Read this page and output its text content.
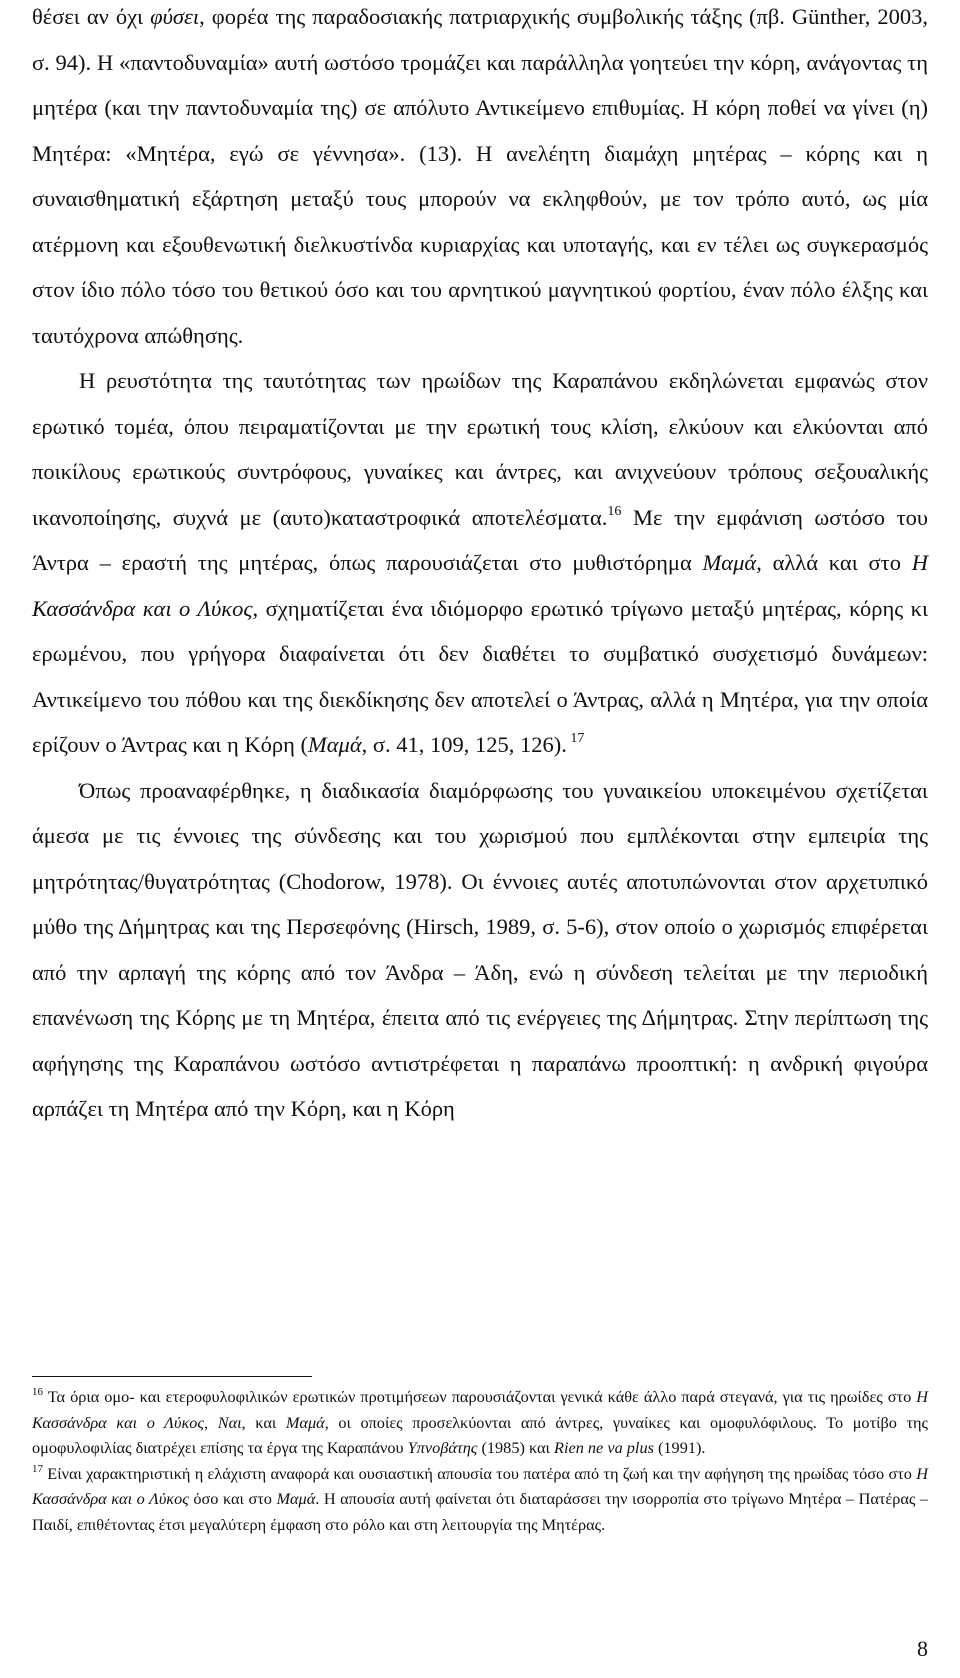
θέσει αν όχι φύσει, φορέα της παραδοσιακής πατριαρχικής συμβολικής τάξης (πβ. Günther, 2003, σ. 94). Η «παντοδυναμία» αυτή ωστόσο τρομάζει και παράλληλα γοητεύει την κόρη, ανάγοντας τη μητέρα (και την παντοδυναμία της) σε απόλυτο Αντικείμενο επιθυμίας. Η κόρη ποθεί να γίνει (η) Μητέρα: «Μητέρα, εγώ σε γέννησα». (13). Η ανελέητη διαμάχη μητέρας – κόρης και η συναισθηματική εξάρτηση μεταξύ τους μπορούν να εκληφθούν, με τον τρόπο αυτό, ως μία ατέρμονη και εξουθενωτική διελκυστίνδα κυριαρχίας και υποταγής, και εν τέλει ως συγκερασμός στον ίδιο πόλο τόσο του θετικού όσο και του αρνητικού μαγνητικού φορτίου, έναν πόλο έλξης και ταυτόχρονα απώθησης.

Η ρευστότητα της ταυτότητας των ηρωίδων της Καραπάνου εκδηλώνεται εμφανώς στον ερωτικό τομέα, όπου πειραματίζονται με την ερωτική τους κλίση, ελκύουν και ελκύονται από ποικίλους ερωτικούς συντρόφους, γυναίκες και άντρες, και ανιχνεύουν τρόπους σεξουαλικής ικανοποίησης, συχνά με (αυτο)καταστροφικά αποτελέσματα.$^{16}$ Με την εμφάνιση ωστόσο του Άντρα – εραστή της μητέρας, όπως παρουσιάζεται στο μυθιστόρημα Μαμά, αλλά και στο Η Κασσάνδρα και ο Λύκος, σχηματίζεται ένα ιδιόμορφο ερωτικό τρίγωνο μεταξύ μητέρας, κόρης κι ερωμένου, που γρήγορα διαφαίνεται ότι δεν διαθέτει το συμβατικό συσχετισμό δυνάμεων: Αντικείμενο του πόθου και της διεκδίκησης δεν αποτελεί ο Άντρας, αλλά η Μητέρα, για την οποία ερίζουν ο Άντρας και η Κόρη (Μαμά, σ. 41, 109, 125, 126). $^{17}$

Όπως προαναφέρθηκε, η διαδικασία διαμόρφωσης του γυναικείου υποκειμένου σχετίζεται άμεσα με τις έννοιες της σύνδεσης και του χωρισμού που εμπλέκονται στην εμπειρία της μητρότητας/θυγατρότητας (Chodorow, 1978). Οι έννοιες αυτές αποτυπώνονται στον αρχετυπικό μύθο της Δήμητρας και της Περσεφόνης (Hirsch, 1989, σ. 5-6), στον οποίο ο χωρισμός επιφέρεται από την αρπαγή της κόρης από τον Άνδρα – Άδη, ενώ η σύνδεση τελείται με την περιοδική επανένωση της Κόρης με τη Μητέρα, έπειτα από τις ενέργειες της Δήμητρας. Στην περίπτωση της αφήγησης της Καραπάνου ωστόσο αντιστρέφεται η παραπάνω προοπτική: η ανδρική φιγούρα αρπάζει τη Μητέρα από την Κόρη, και η Κόρη

$^{16}$ Τα όρια ομο- και ετεροφυλοφιλικών ερωτικών προτιμήσεων παρουσιάζονται γενικά κάθε άλλο παρά στεγανά, για τις ηρωίδες στο Η Κασσάνδρα και ο Λύκος, Ναι, και Μαμά, οι οποίες προσελκύονται από άντρες, γυναίκες και ομοφυλόφιλους. Το μοτίβο της ομοφυλοφιλίας διατρέχει επίσης τα έργα της Καραπάνου Υπνοβάτης (1985) και Rien ne va plus (1991).

$^{17}$ Είναι χαρακτηριστική η ελάχιστη αναφορά και ουσιαστική απουσία του πατέρα από τη ζωή και την αφήγηση της ηρωίδας τόσο στο Η Κασσάνδρα και ο Λύκος όσο και στο Μαμά. Η απουσία αυτή φαίνεται ότι διαταράσσει την ισορροπία στο τρίγωνο Μητέρα – Πατέρας – Παιδί, επιθέτοντας έτσι μεγαλύτερη έμφαση στο ρόλο και στη λειτουργία της Μητέρας.

8
